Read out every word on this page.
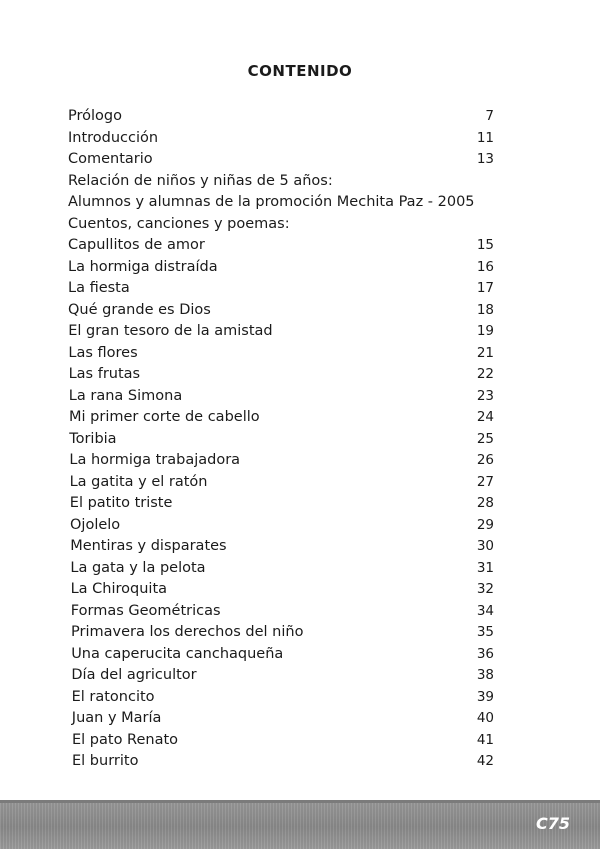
CONTENIDO
Prólogo	7
Introducción	11
Comentario	13
Relación de niños y niñas de 5 años:
Alumnos y alumnas de la promoción Mechita Paz - 2005
Cuentos, canciones y poemas:
Capullitos de amor	15
La hormiga distraída	16
La fiesta	17
Qué grande es Dios	18
El gran tesoro de la amistad	19
Las flores	21
Las frutas	22
La rana Simona	23
Mi primer corte de cabello	24
Toribia	25
La hormiga trabajadora	26
La gatita y el ratón	27
El patito triste	28
Ojolelo	29
Mentiras y disparates	30
La gata y la pelota	31
La Chiroquita	32
Formas Geométricas	34
Primavera los derechos del niño	35
Una caperucita canchaqueña	36
Día del agricultor	38
El ratoncito	39
Juan y María	40
El pato Renato	41
El burrito	42
C75
